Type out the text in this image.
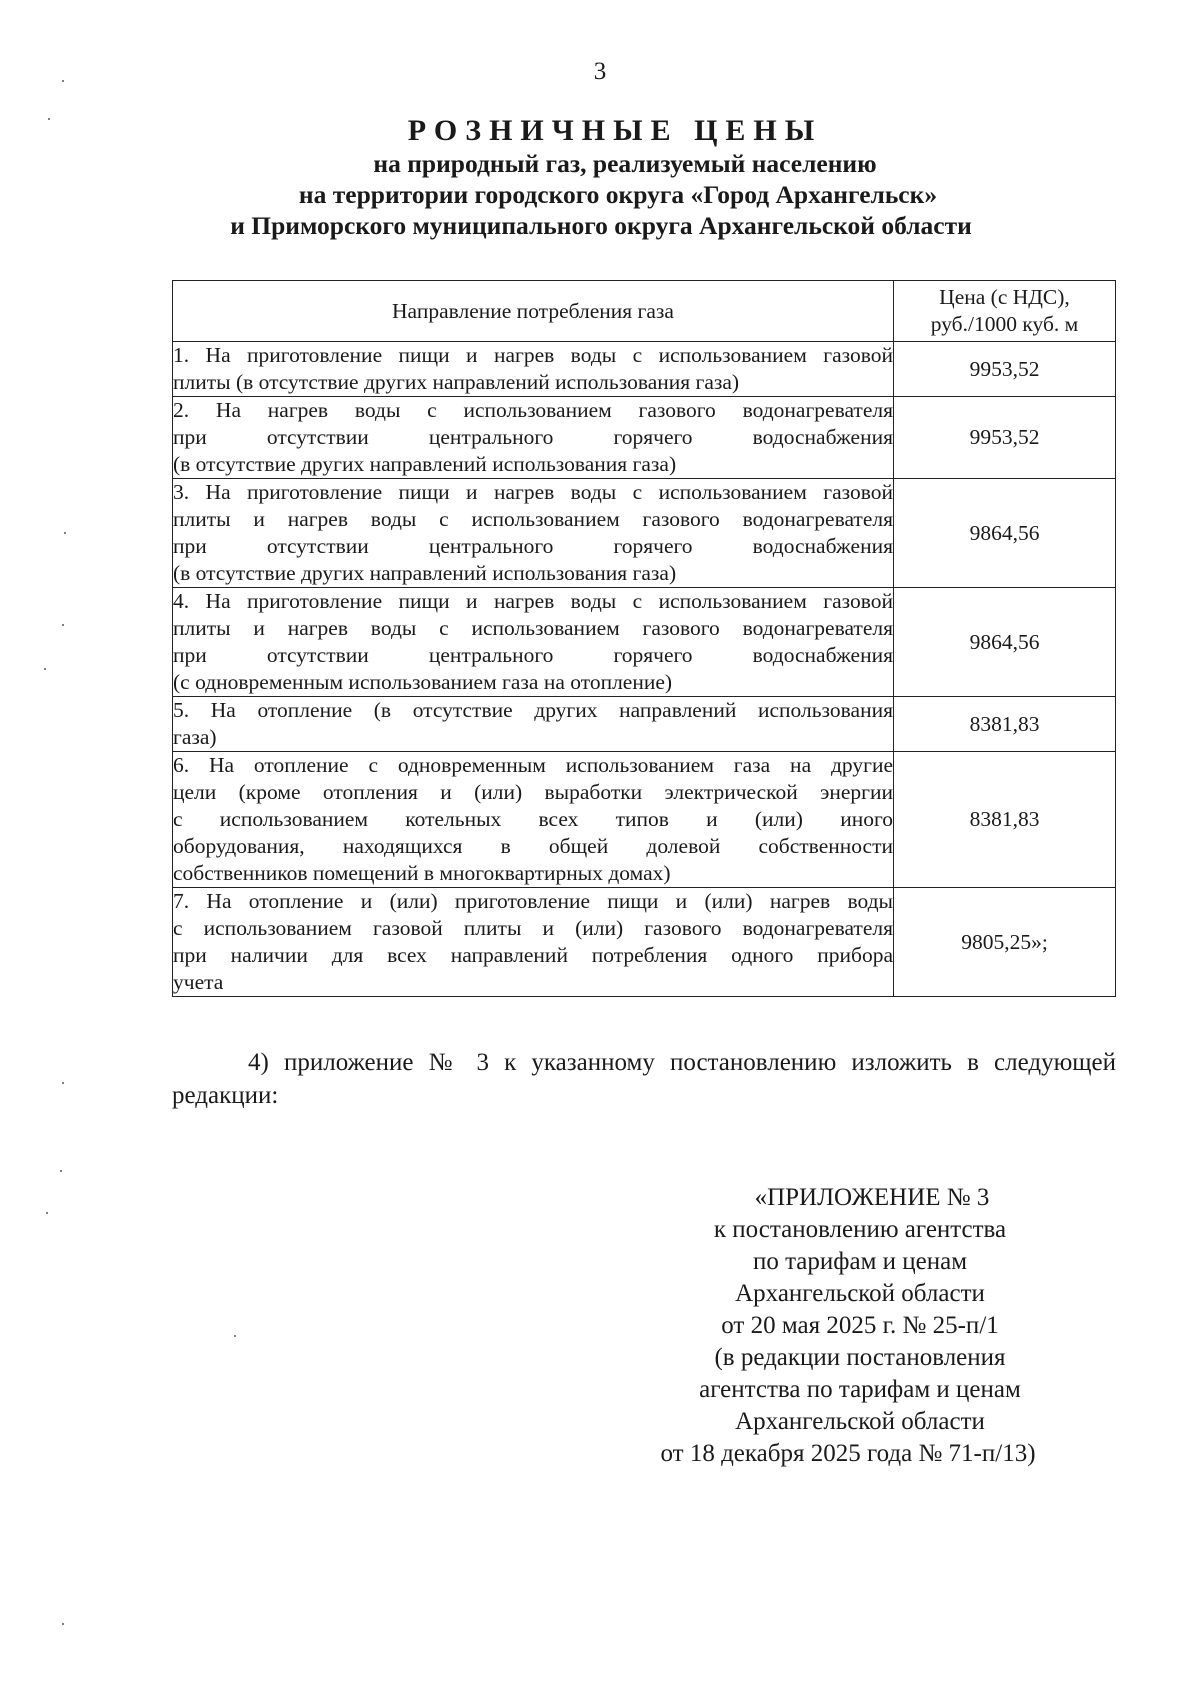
3
РОЗНИЧНЫЕ ЦЕНЫ
на природный газ, реализуемый населению
на территории городского округа «Город Архангельск»
и Приморского муниципального округа Архангельской области
Направление потребления газа	Цена (с НДС),
руб./1000 куб. м

1. На приготовление пищи и нагрев воды с использованием газовой
плиты (в отсутствие других направлений использования газа)	9953,52

2. На нагрев воды с использованием газового водонагревателя
при отсутствии центрального горячего водоснабжения
(в отсутствие других направлений использования газа)	9953,52

3. На приготовление пищи и нагрев воды с использованием газовой
плиты и нагрев воды с использованием газового водонагревателя
при отсутствии центрального горячего водоснабжения
(в отсутствие других направлений использования газа)	9864,56

4. На приготовление пищи и нагрев воды с использованием газовой
плиты и нагрев воды с использованием газового водонагревателя
при отсутствии центрального горячего водоснабжения
(с одновременным использованием газа на отопление)	9864,56

5. На отопление (в отсутствие других направлений использования
газа)	8381,83

6. На отопление с одновременным использованием газа на другие
цели (кроме отопления и (или) выработки электрической энергии
с использованием котельных всех типов и (или) иного
оборудования, находящихся в общей долевой собственности
собственников помещений в многоквартирных домах)	8381,83

7. На отопление и (или) приготовление пищи и (или) нагрев воды
с использованием газовой плиты и (или) газового водонагревателя
при наличии для всех направлений потребления одного прибора
учета	9805,25»;
4) приложение № 3 к указанному постановлению изложить в следующей
редакции:
«ПРИЛОЖЕНИЕ № 3
к постановлению агентства
по тарифам и ценам
Архангельской области
от 20 мая 2025 г. № 25-п/1
(в редакции постановления
агентства по тарифам и ценам
Архангельской области
от 18 декабря 2025 года № 71-п/13)
